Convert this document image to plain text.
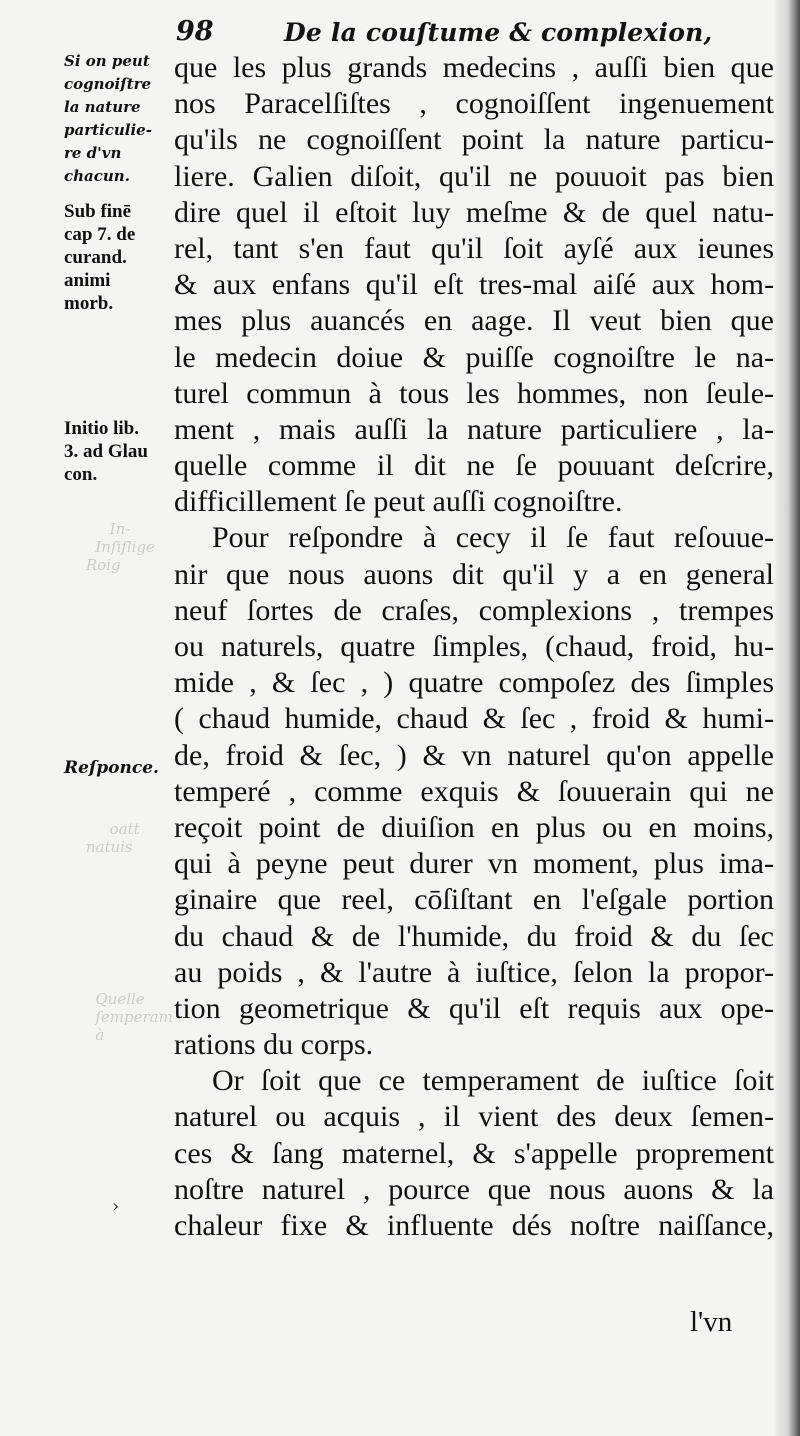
In-
Inſiſlige
Roig

oatt
natuis
Quelle
ſemperam
à
98	De la couſtume & complexion,
Si on peut
cognoiſtre
la nature
particulie-
re d'vn
chacun.
Sub finē
cap 7. de
curand.
animi
morb.
Initio lib.
3. ad Glau
con.
Reſponce.
que les plus grands medecins , auſſi bien que
nos Paracelſiſtes , cognoiſſent ingenuement
qu'ils ne cognoiſſent point la nature particu-
liere. Galien diſoit, qu'il ne pouuoit pas bien
dire quel il eſtoit luy meſme & de quel natu-
rel, tant s'en faut qu'il ſoit ayſé aux ieunes
& aux enfans qu'il eſt tres-mal aiſé aux hom-
mes plus auancés en aage. Il veut bien que
le medecin doiue & puiſſe cognoiſtre le na-
turel commun à tous les hommes, non ſeule-
ment , mais auſſi la nature particuliere , la-
quelle comme il dit ne ſe pouuant deſcrire,
difficillement ſe peut auſſi cognoiſtre.
Pour reſpondre à cecy il ſe faut reſouue-
nir que nous auons dit qu'il y a en general
neuf ſortes de craſes, complexions , trempes
ou naturels, quatre ſimples, (chaud, froid, hu-
mide , & ſec , ) quatre compoſez des ſimples
( chaud humide, chaud & ſec , froid & humi-
de, froid & ſec, ) & vn naturel qu'on appelle
temperé , comme exquis & ſouuerain qui ne
reçoit point de diuiſion en plus ou en moins,
qui à peyne peut durer vn moment, plus ima-
ginaire que reel, cōſiſtant en l'eſgale portion
du chaud & de l'humide, du froid & du ſec
au poids , & l'autre à iuſtice, ſelon la propor-
tion geometrique & qu'il eſt requis aux ope-
rations du corps.
Or ſoit que ce temperament de iuſtice ſoit
naturel ou acquis , il vient des deux ſemen-
ces & ſang maternel, & s'appelle proprement
noſtre naturel , pource que nous auons & la
chaleur fixe & influente dés noſtre naiſſance,
l'vn
›
